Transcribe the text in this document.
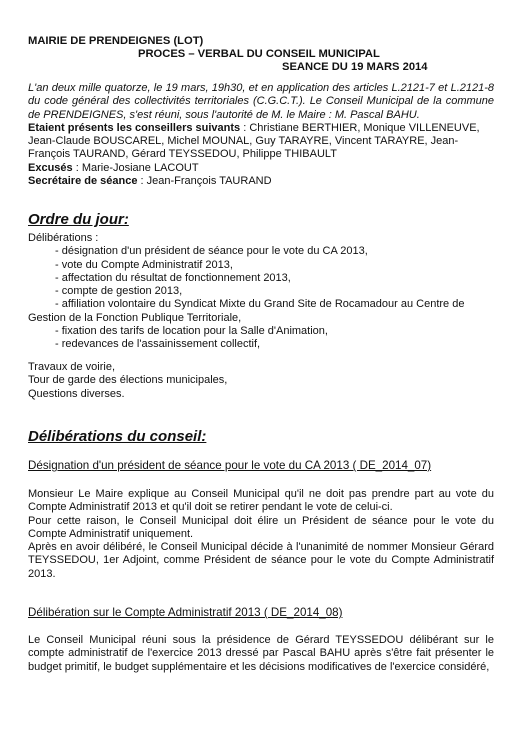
MAIRIE DE PRENDEIGNES (LOT)
PROCES – VERBAL DU CONSEIL MUNICIPAL
SEANCE DU 19 MARS 2014

L'an deux mille quatorze, le 19 mars, 19h30, et en application des articles L.2121-7 et L.2121-8 du code général des collectivités territoriales (C.G.C.T.). Le Conseil Municipal de la commune de PRENDEIGNES, s'est réuni, sous l'autorité de M. le Maire : M. Pascal BAHU.

Etaient présents les conseillers suivants : Christiane BERTHIER, Monique VILLENEUVE, Jean-Claude BOUSCAREL, Michel MOUNAL, Guy TARAYRE, Vincent TARAYRE, Jean-François TAURAND, Gérard TEYSSEDOU, Philippe THIBAULT

Excusés : Marie-Josiane LACOUT

Secrétaire de séance : Jean-François TAURAND

Ordre du jour:
Délibérations :
- désignation d'un président de séance pour le vote du CA 2013,
- vote du Compte Administratif 2013,
- affectation du résultat de fonctionnement 2013,
- compte de gestion 2013,
- affiliation volontaire du Syndicat Mixte du Grand Site de Rocamadour au Centre de
Gestion de la Fonction Publique Territoriale,
- fixation des tarifs de location pour la Salle d'Animation,
- redevances de l'assainissement collectif,
Travaux de voirie,
Tour de garde des élections municipales,
Questions diverses.
Délibérations du conseil:
Désignation d'un président de séance pour le vote du CA 2013 ( DE_2014_07)

Monsieur Le Maire explique au Conseil Municipal qu'il ne doit pas prendre part au vote du Compte Administratif 2013 et qu'il doit se retirer pendant le vote de celui-ci.

Pour cette raison, le Conseil Municipal doit élire un Président de séance pour le vote du Compte Administratif uniquement.

Après en avoir délibéré, le Conseil Municipal décide à l'unanimité de nommer Monsieur Gérard TEYSSEDOU, 1er Adjoint, comme Président de séance pour le vote du Compte Administratif 2013.

Délibération sur le Compte Administratif 2013 ( DE_2014_08)

Le Conseil Municipal réuni sous la présidence de Gérard TEYSSEDOU délibérant sur le compte administratif de l'exercice 2013 dressé par Pascal BAHU après s'être fait présenter le budget primitif, le budget supplémentaire et les décisions modificatives de l'exercice considéré,
